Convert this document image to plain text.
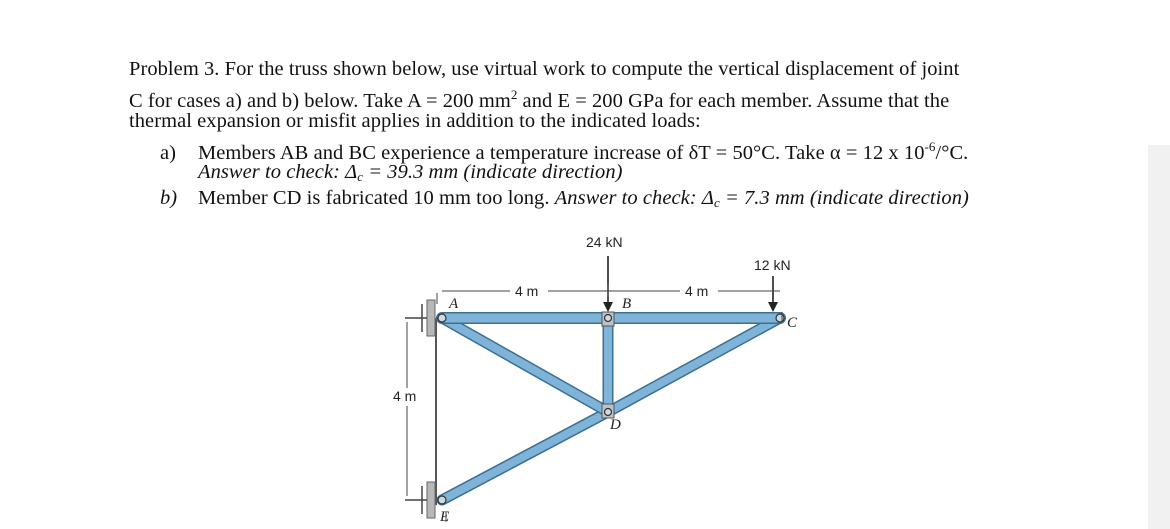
Problem 3. For the truss shown below, use virtual work to compute the vertical displacement of joint
C for cases a) and b) below. Take A = 200 $mm^2$ and E = 200 GPa for each member. Assume that the
thermal expansion or misfit applies in addition to the indicated loads:
a) Members AB and BC experience a temperature increase of δT = 50°C. Take α = 12 x $10^{-6}/^\circ C$.
Answer to check: $\Delta_c = 39.3$ mm (indicate direction)
b) Member CD is fabricated 10 mm too long. Answer to check: $\Delta_c = 7.3$ mm (indicate direction)
24 kN
12 kN
4 m	4 m
4 m
A	B
C
D
E
